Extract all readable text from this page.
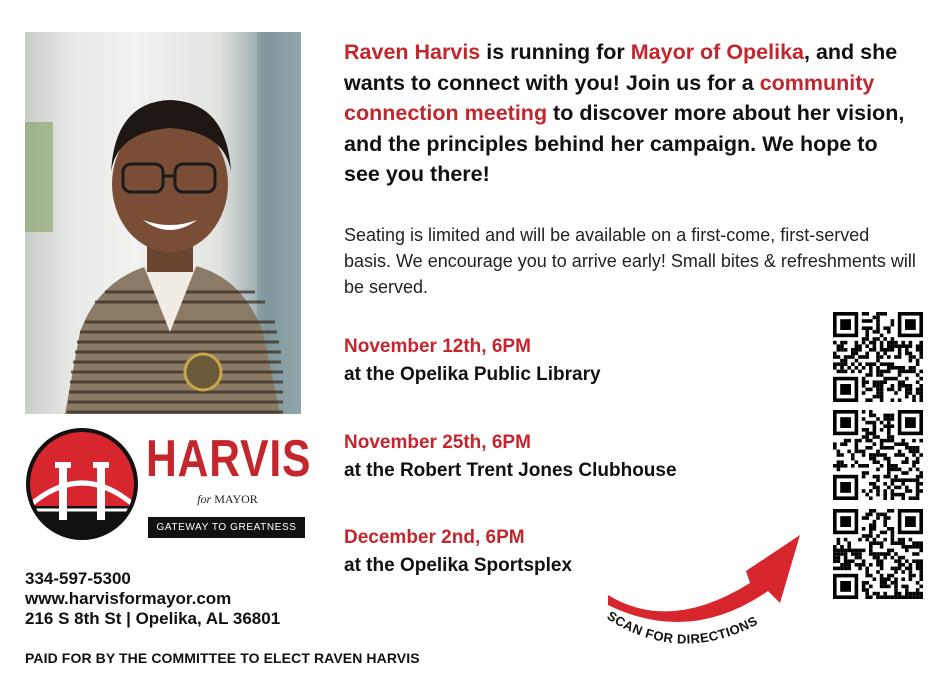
HARVIS
for MAYOR
GATEWAY TO GREATNESS
334-597-5300
www.harvisformayor.com
216 S 8th St | Opelika, AL 36801
PAID FOR BY THE COMMITTEE TO ELECT RAVEN HARVIS
Raven Harvis is running for Mayor of Opelika, and she wants to connect with you! Join us for a community connection meeting to discover more about her vision, and the principles behind her campaign. We hope to see you there!
Seating is limited and will be available on a first-come, first-served basis. We encourage you to arrive early! Small bites & refreshments will be served.
November 12th, 6PM
at the Opelika Public Library
November 25th, 6PM
at the Robert Trent Jones Clubhouse
December 2nd, 6PM
at the Opelika Sportsplex
SCAN FOR DIRECTIONS
